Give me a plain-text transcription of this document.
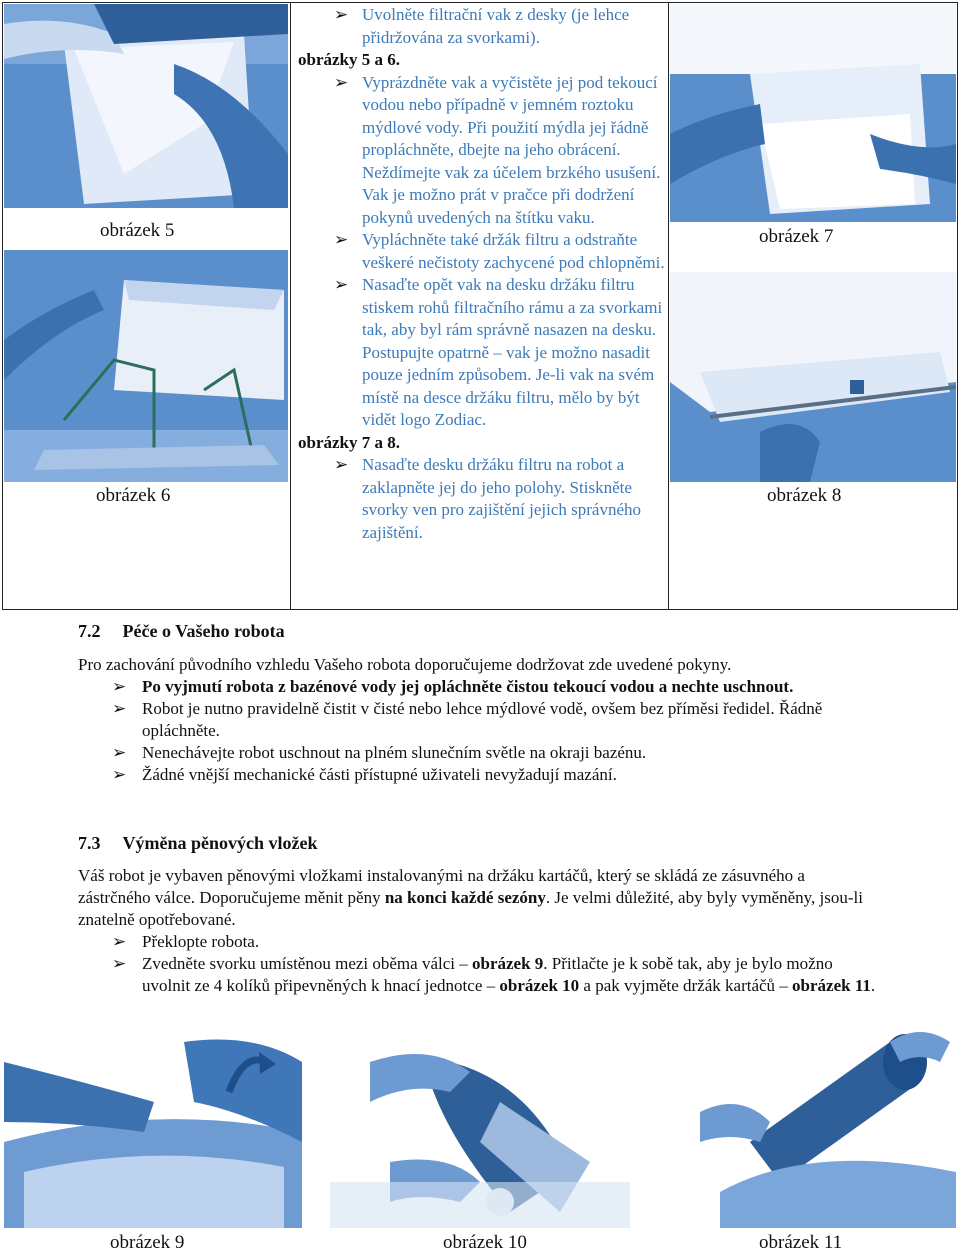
obrázek 5
obrázek 6
obrázek 7
obrázek 8
➢ Uvolněte filtrační vak z desky (je lehce přidržována za svorkami).
obrázky 5 a 6.
➢ Vyprázdněte vak a vyčistěte jej pod tekoucí vodou nebo případně v jemném roztoku mýdlové vody. Při použití mýdla jej řádně propláchněte, dbejte na jeho obrácení. Neždímejte vak za účelem brzkého usušení. Vak je možno prát v pračce při dodržení pokynů uvedených na štítku vaku.
➢ Vypláchněte také držák filtru a odstraňte veškeré nečistoty zachycené pod chlopněmi.
➢ Nasaďte opět vak na desku držáku filtru stiskem rohů filtračního rámu a za svorkami tak, aby byl rám správně nasazen na desku. Postupujte opatrně – vak je možno nasadit pouze jedním způsobem. Je-li vak na svém místě na desce držáku filtru, mělo by být vidět logo Zodiac.
obrázky 7 a 8.
➢ Nasaďte desku držáku filtru na robot a zaklapněte jej do jeho polohy. Stiskněte svorky ven pro zajištění jejich správného zajištění.
7.2 Péče o Vašeho robota
Pro zachování původního vzhledu Vašeho robota doporučujeme dodržovat zde uvedené pokyny.
➢ Po vyjmutí robota z bazénové vody jej opláchněte čistou tekoucí vodou a nechte uschnout.
➢ Robot je nutno pravidelně čistit v čisté nebo lehce mýdlové vodě, ovšem bez příměsi ředidel. Řádně opláchněte.
➢ Nenechávejte robot uschnout na plném slunečním světle na okraji bazénu.
➢ Žádné vnější mechanické části přístupné uživateli nevyžadují mazání.
7.3 Výměna pěnových vložek
Váš robot je vybaven pěnovými vložkami instalovanými na držáku kartáčů, který se skládá ze zásuvného a zástrčného válce. Doporučujeme měnit pěny na konci každé sezóny. Je velmi důležité, aby byly vyměněny, jsou-li znatelně opotřebované.
➢ Překlopte robota.
➢ Zvedněte svorku umístěnou mezi oběma válci – obrázek 9. Přitlačte je k sobě tak, aby je bylo možno uvolnit ze 4 kolíků připevněných k hnací jednotce – obrázek 10 a pak vyjměte držák kartáčů – obrázek 11.
obrázek 9	obrázek 10	obrázek 11
